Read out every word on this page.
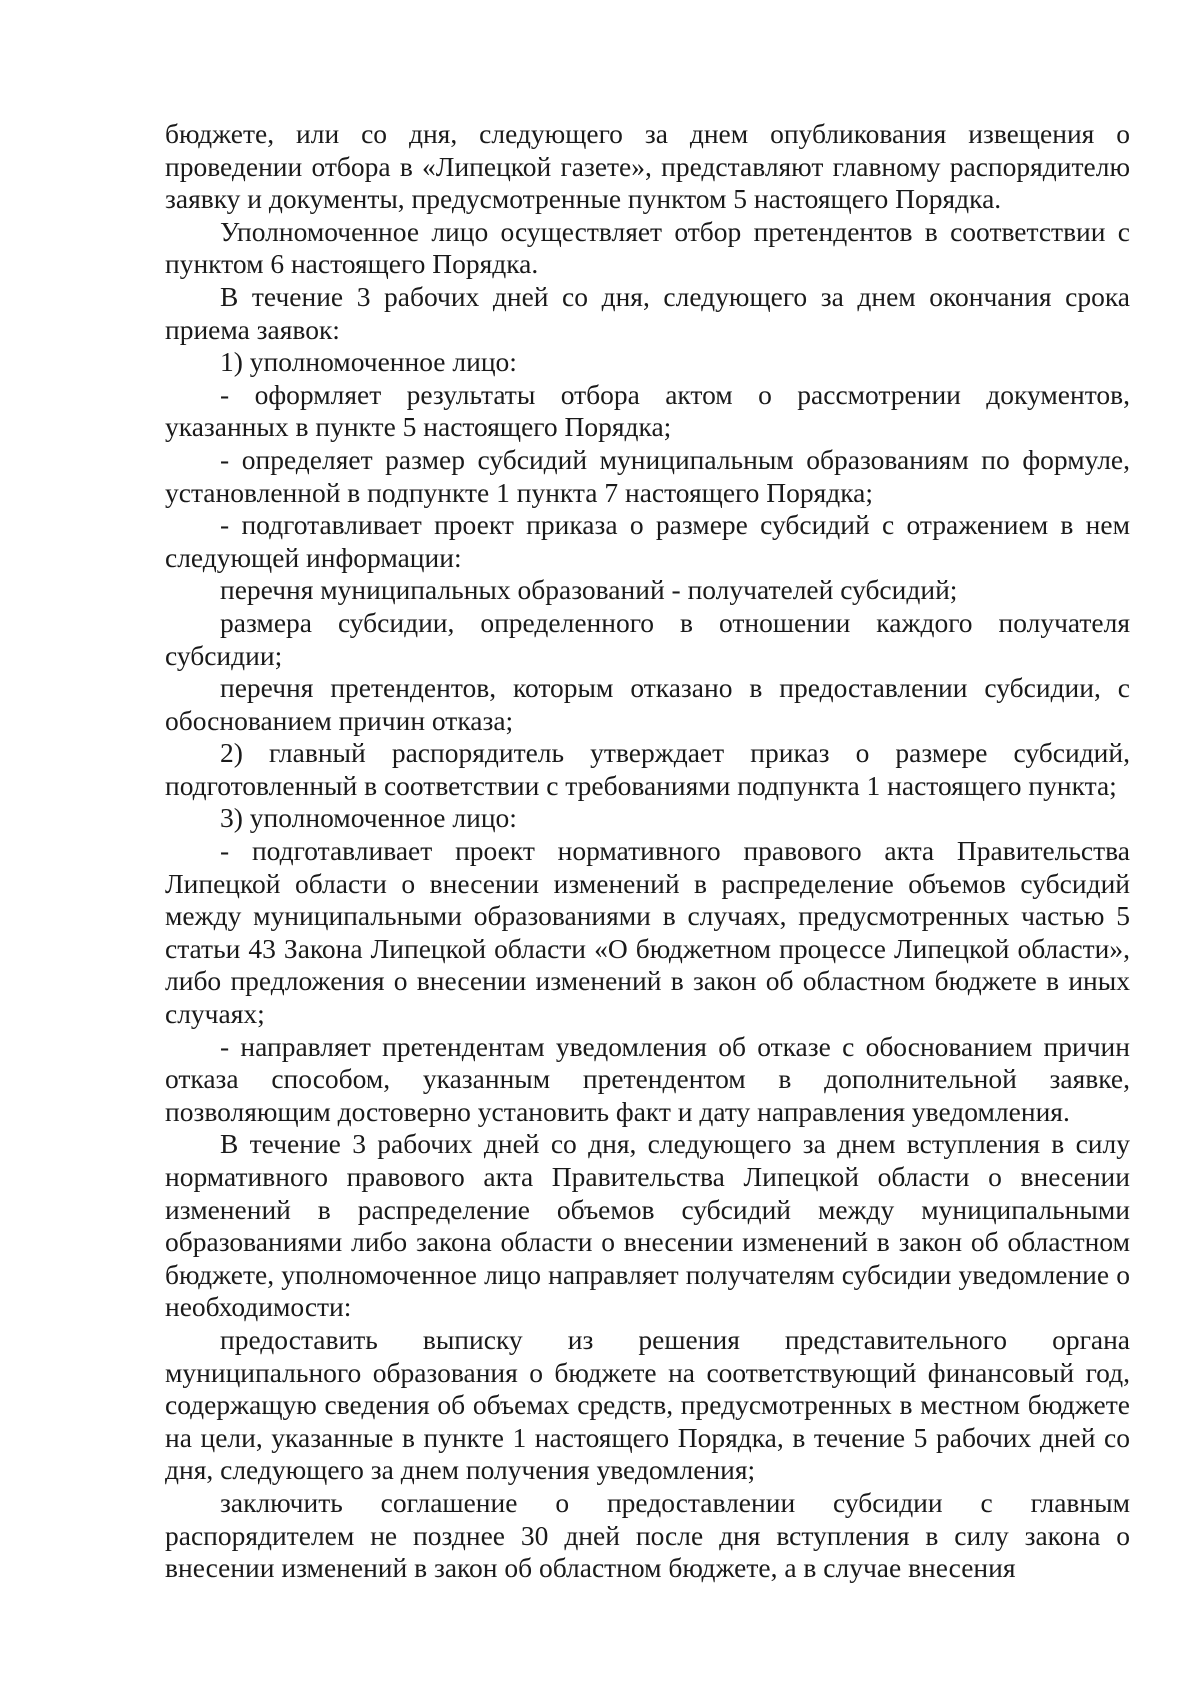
бюджете, или со дня, следующего за днем опубликования извещения о проведении отбора в «Липецкой газете», представляют главному распорядителю заявку и документы, предусмотренные пунктом 5 настоящего Порядка.

Уполномоченное лицо осуществляет отбор претендентов в соответствии с пунктом 6 настоящего Порядка.

В течение 3 рабочих дней со дня, следующего за днем окончания срока приема заявок:

1) уполномоченное лицо:

- оформляет результаты отбора актом о рассмотрении документов, указанных в пункте 5 настоящего Порядка;

- определяет размер субсидий муниципальным образованиям по формуле, установленной в подпункте 1 пункта 7 настоящего Порядка;

- подготавливает проект приказа о размере субсидий с отражением в нем следующей информации:

перечня муниципальных образований - получателей субсидий;

размера субсидии, определенного в отношении каждого получателя субсидии;

перечня претендентов, которым отказано в предоставлении субсидии, с обоснованием причин отказа;

2) главный распорядитель утверждает приказ о размере субсидий, подготовленный в соответствии с требованиями подпункта 1 настоящего пункта;

3) уполномоченное лицо:

- подготавливает проект нормативного правового акта Правительства Липецкой области о внесении изменений в распределение объемов субсидий между муниципальными образованиями в случаях, предусмотренных частью 5 статьи 43 Закона Липецкой области «О бюджетном процессе Липецкой области», либо предложения о внесении изменений в закон об областном бюджете в иных случаях;

- направляет претендентам уведомления об отказе с обоснованием причин отказа способом, указанным претендентом в дополнительной заявке, позволяющим достоверно установить факт и дату направления уведомления.

В течение 3 рабочих дней со дня, следующего за днем вступления в силу нормативного правового акта Правительства Липецкой области о внесении изменений в распределение объемов субсидий между муниципальными образованиями либо закона области о внесении изменений в закон об областном бюджете, уполномоченное лицо направляет получателям субсидии уведомление о необходимости:

предоставить выписку из решения представительного органа муниципального образования о бюджете на соответствующий финансовый год, содержащую сведения об объемах средств, предусмотренных в местном бюджете на цели, указанные в пункте 1 настоящего Порядка, в течение 5 рабочих дней со дня, следующего за днем получения уведомления;

заключить соглашение о предоставлении субсидии с главным распорядителем не позднее 30 дней после дня вступления в силу закона о внесении изменений в закон об областном бюджете, а в случае внесения
